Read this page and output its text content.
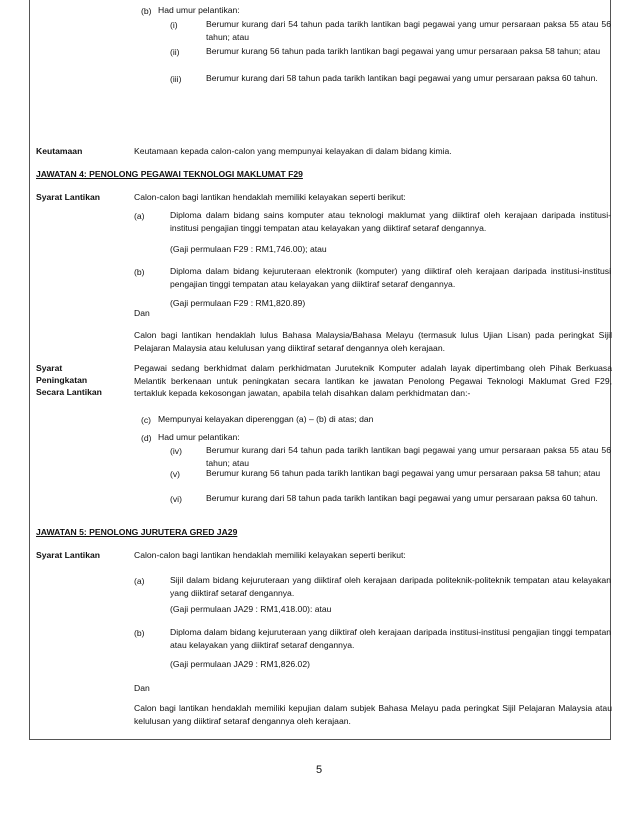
(b) Had umur pelantikan:
(i)	Berumur kurang dari 54 tahun pada tarikh lantikan bagi pegawai yang umur persaraan paksa 55 atau 56 tahun; atau
(ii)	Berumur kurang 56 tahun pada tarikh lantikan bagi pegawai yang umur persaraan paksa 58 tahun; atau
(iii)	Berumur kurang dari 58 tahun pada tarikh lantikan bagi pegawai yang umur persaraan paksa 60 tahun.
Keutamaan	Keutamaan kepada calon-calon yang mempunyai kelayakan di dalam bidang kimia.
JAWATAN 4: PENOLONG PEGAWAI TEKNOLOGI MAKLUMAT F29
Syarat Lantikan	Calon-calon bagi lantikan hendaklah memiliki kelayakan seperti berikut:
(a)	Diploma dalam bidang sains komputer atau teknologi maklumat yang diiktiraf oleh kerajaan daripada institusi-institusi pengajian tinggi tempatan atau kelayakan yang diiktiraf setaraf dengannya.
(Gaji permulaan F29 : RM1,746.00); atau
(b)	Diploma dalam bidang kejuruteraan elektronik (komputer) yang diiktiraf oleh kerajaan daripada institusi-institusi pengajian tinggi tempatan atau kelayakan yang diiktiraf setaraf dengannya.
(Gaji permulaan F29 : RM1,820.89)
Dan
Calon bagi lantikan hendaklah lulus Bahasa Malaysia/Bahasa Melayu (termasuk lulus Ujian Lisan) pada peringkat Sijil Pelajaran Malaysia atau kelulusan yang diiktiraf setaraf dengannya oleh kerajaan.
Syarat
Peningkatan
Secara Lantikan
Pegawai sedang berkhidmat dalam perkhidmatan Juruteknik Komputer adalah layak dipertimbang oleh Pihak Berkuasa Melantik berkenaan untuk peningkatan secara lantikan ke jawatan Penolong Pegawai Teknologi Maklumat Gred F29, tertakluk kepada kekosongan jawatan, apabila telah disahkan dalam perkhidmatan dan:-
(c) Mempunyai kelayakan diperenggan (a) – (b) di atas; dan
(d) Had umur pelantikan:
(iv)	Berumur kurang dari 54 tahun pada tarikh lantikan bagi pegawai yang umur persaraan paksa 55 atau 56 tahun; atau
(v)	Berumur kurang 56 tahun pada tarikh lantikan bagi pegawai yang umur persaraan paksa 58 tahun; atau
(vi)	Berumur kurang dari 58 tahun pada tarikh lantikan bagi pegawai yang umur persaraan paksa 60 tahun.
JAWATAN 5: PENOLONG JURUTERA GRED JA29
Syarat Lantikan	Calon-calon bagi lantikan hendaklah memiliki kelayakan seperti berikut:
(a)	Sijil dalam bidang kejuruteraan yang diiktiraf oleh kerajaan daripada politeknik-politeknik tempatan atau kelayakan yang diiktiraf setaraf dengannya.
(Gaji permulaan JA29 : RM1,418.00): atau
(b)	Diploma dalam bidang kejuruteraan yang diiktiraf oleh kerajaan daripada institusi-institusi pengajian tinggi tempatan atau kelayakan yang diiktiraf setaraf dengannya.
(Gaji permulaan JA29 : RM1,826.02)
Dan
Calon bagi lantikan hendaklah memiliki kepujian dalam subjek Bahasa Melayu pada peringkat Sijil Pelajaran Malaysia atau kelulusan yang diiktiraf setaraf dengannya oleh kerajaan.
5
